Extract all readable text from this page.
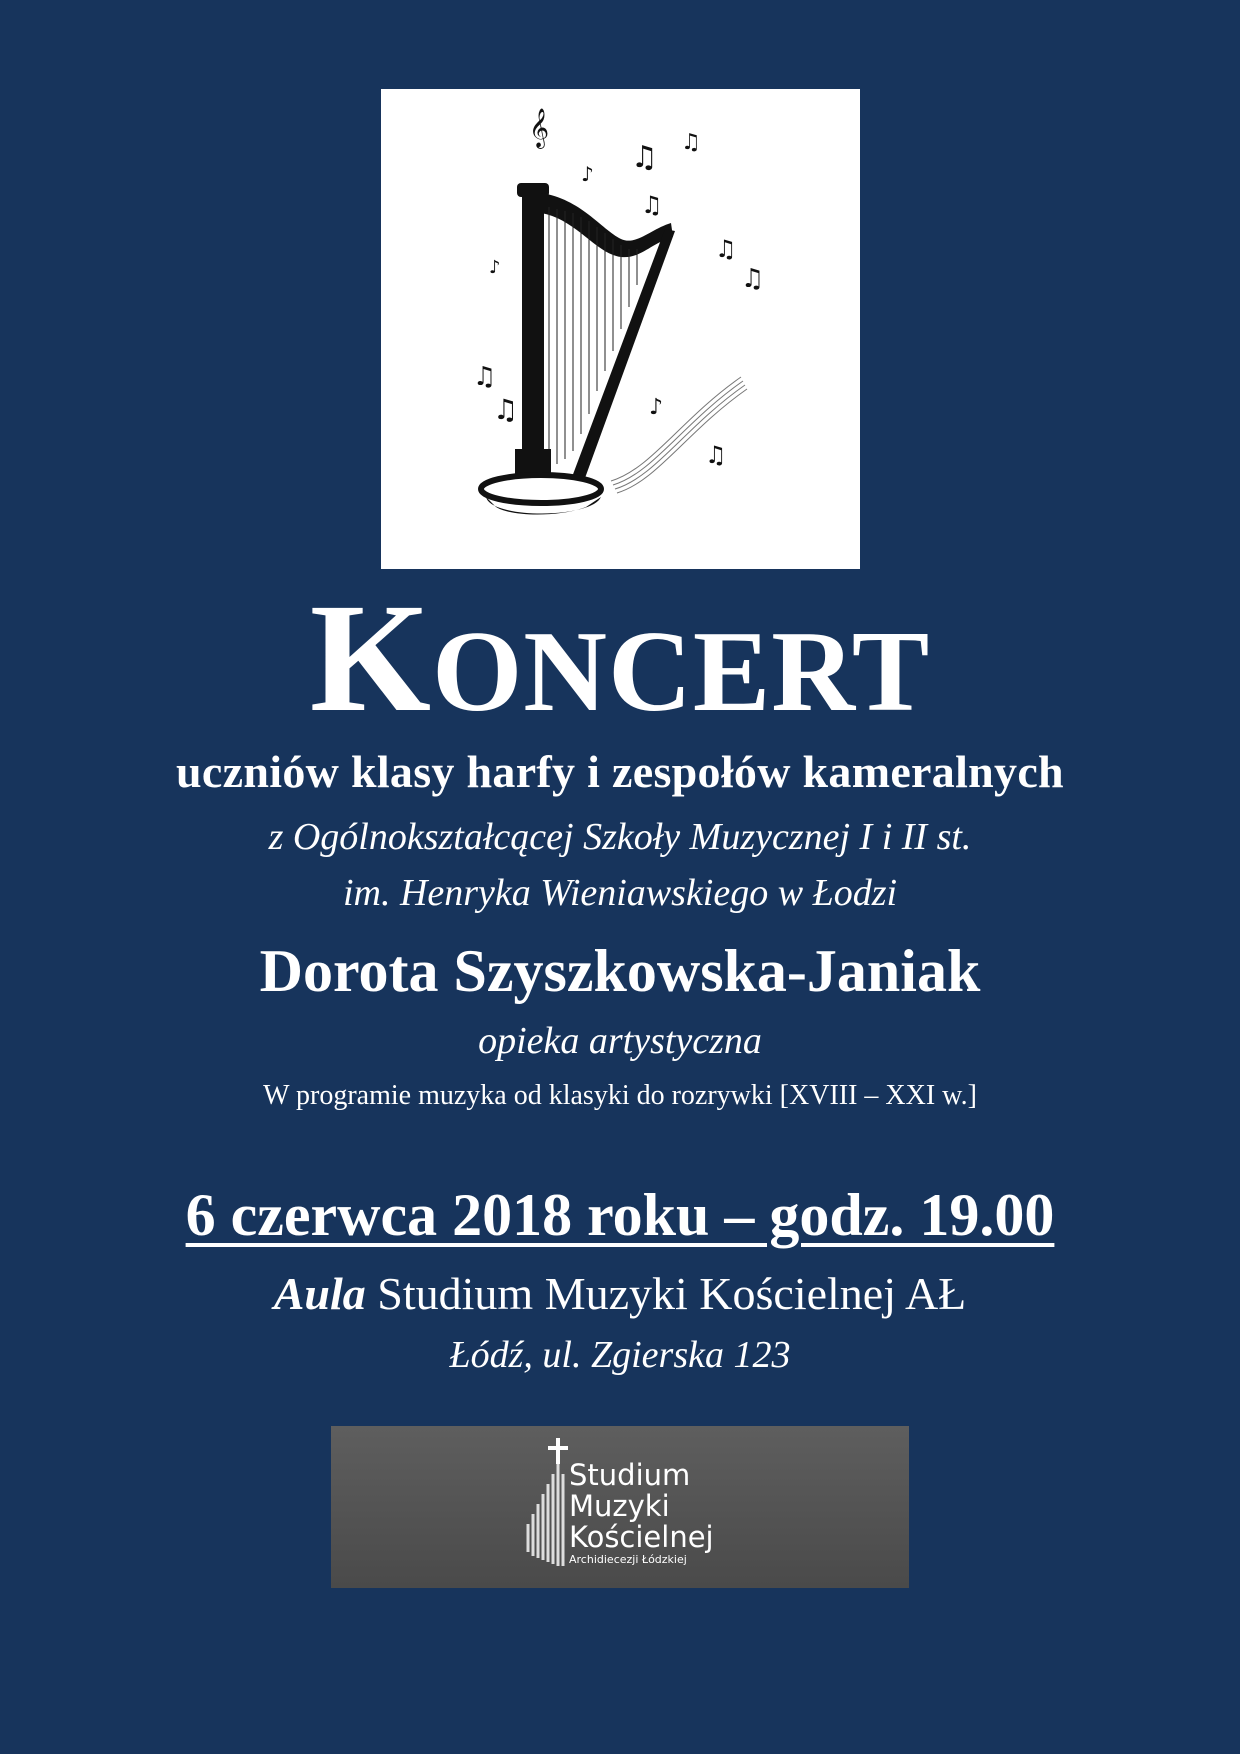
𝄞
♫ ♫
♪
♫
♫
♫
♪
♫
♫
♫
♪
KONCERT
uczniów klasy harfy i zespołów kameralnych
z Ogólnokształcącej Szkoły Muzycznej I i II st.
im. Henryka Wieniawskiego w Łodzi
Dorota Szyszkowska-Janiak
opieka artystyczna
W programie muzyka od klasyki do rozrywki [XVIII – XXI w.]
6 czerwca 2018 roku – godz. 19.00
Aula Studium Muzyki Kościelnej AŁ
Łódź, ul. Zgierska 123
Studium
Muzyki
Kościelnej
Archidiecezji Łódzkiej
